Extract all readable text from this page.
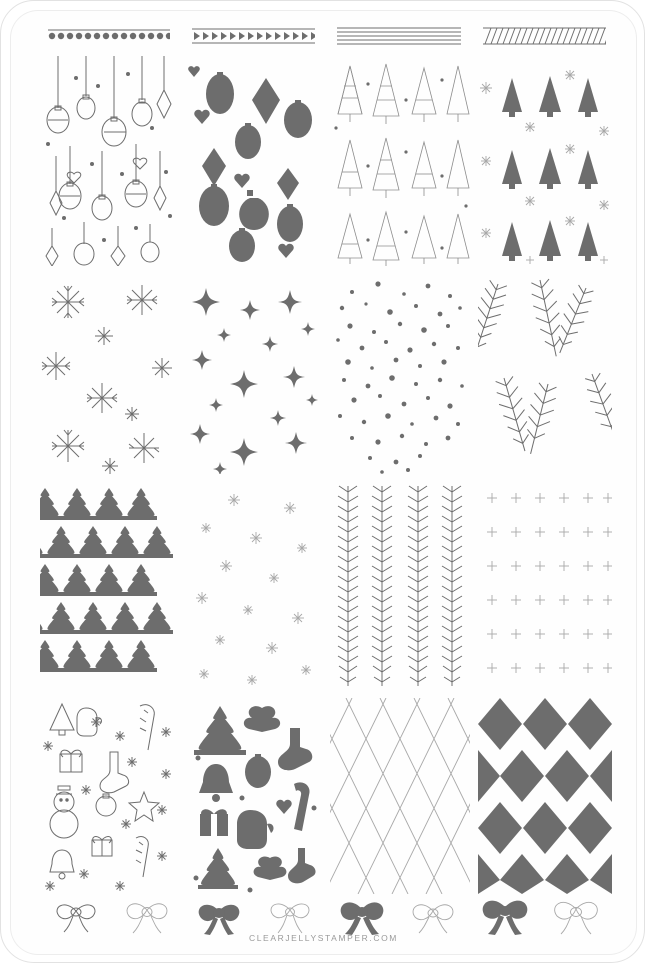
CLEARJELLYSTAMPER.COM
